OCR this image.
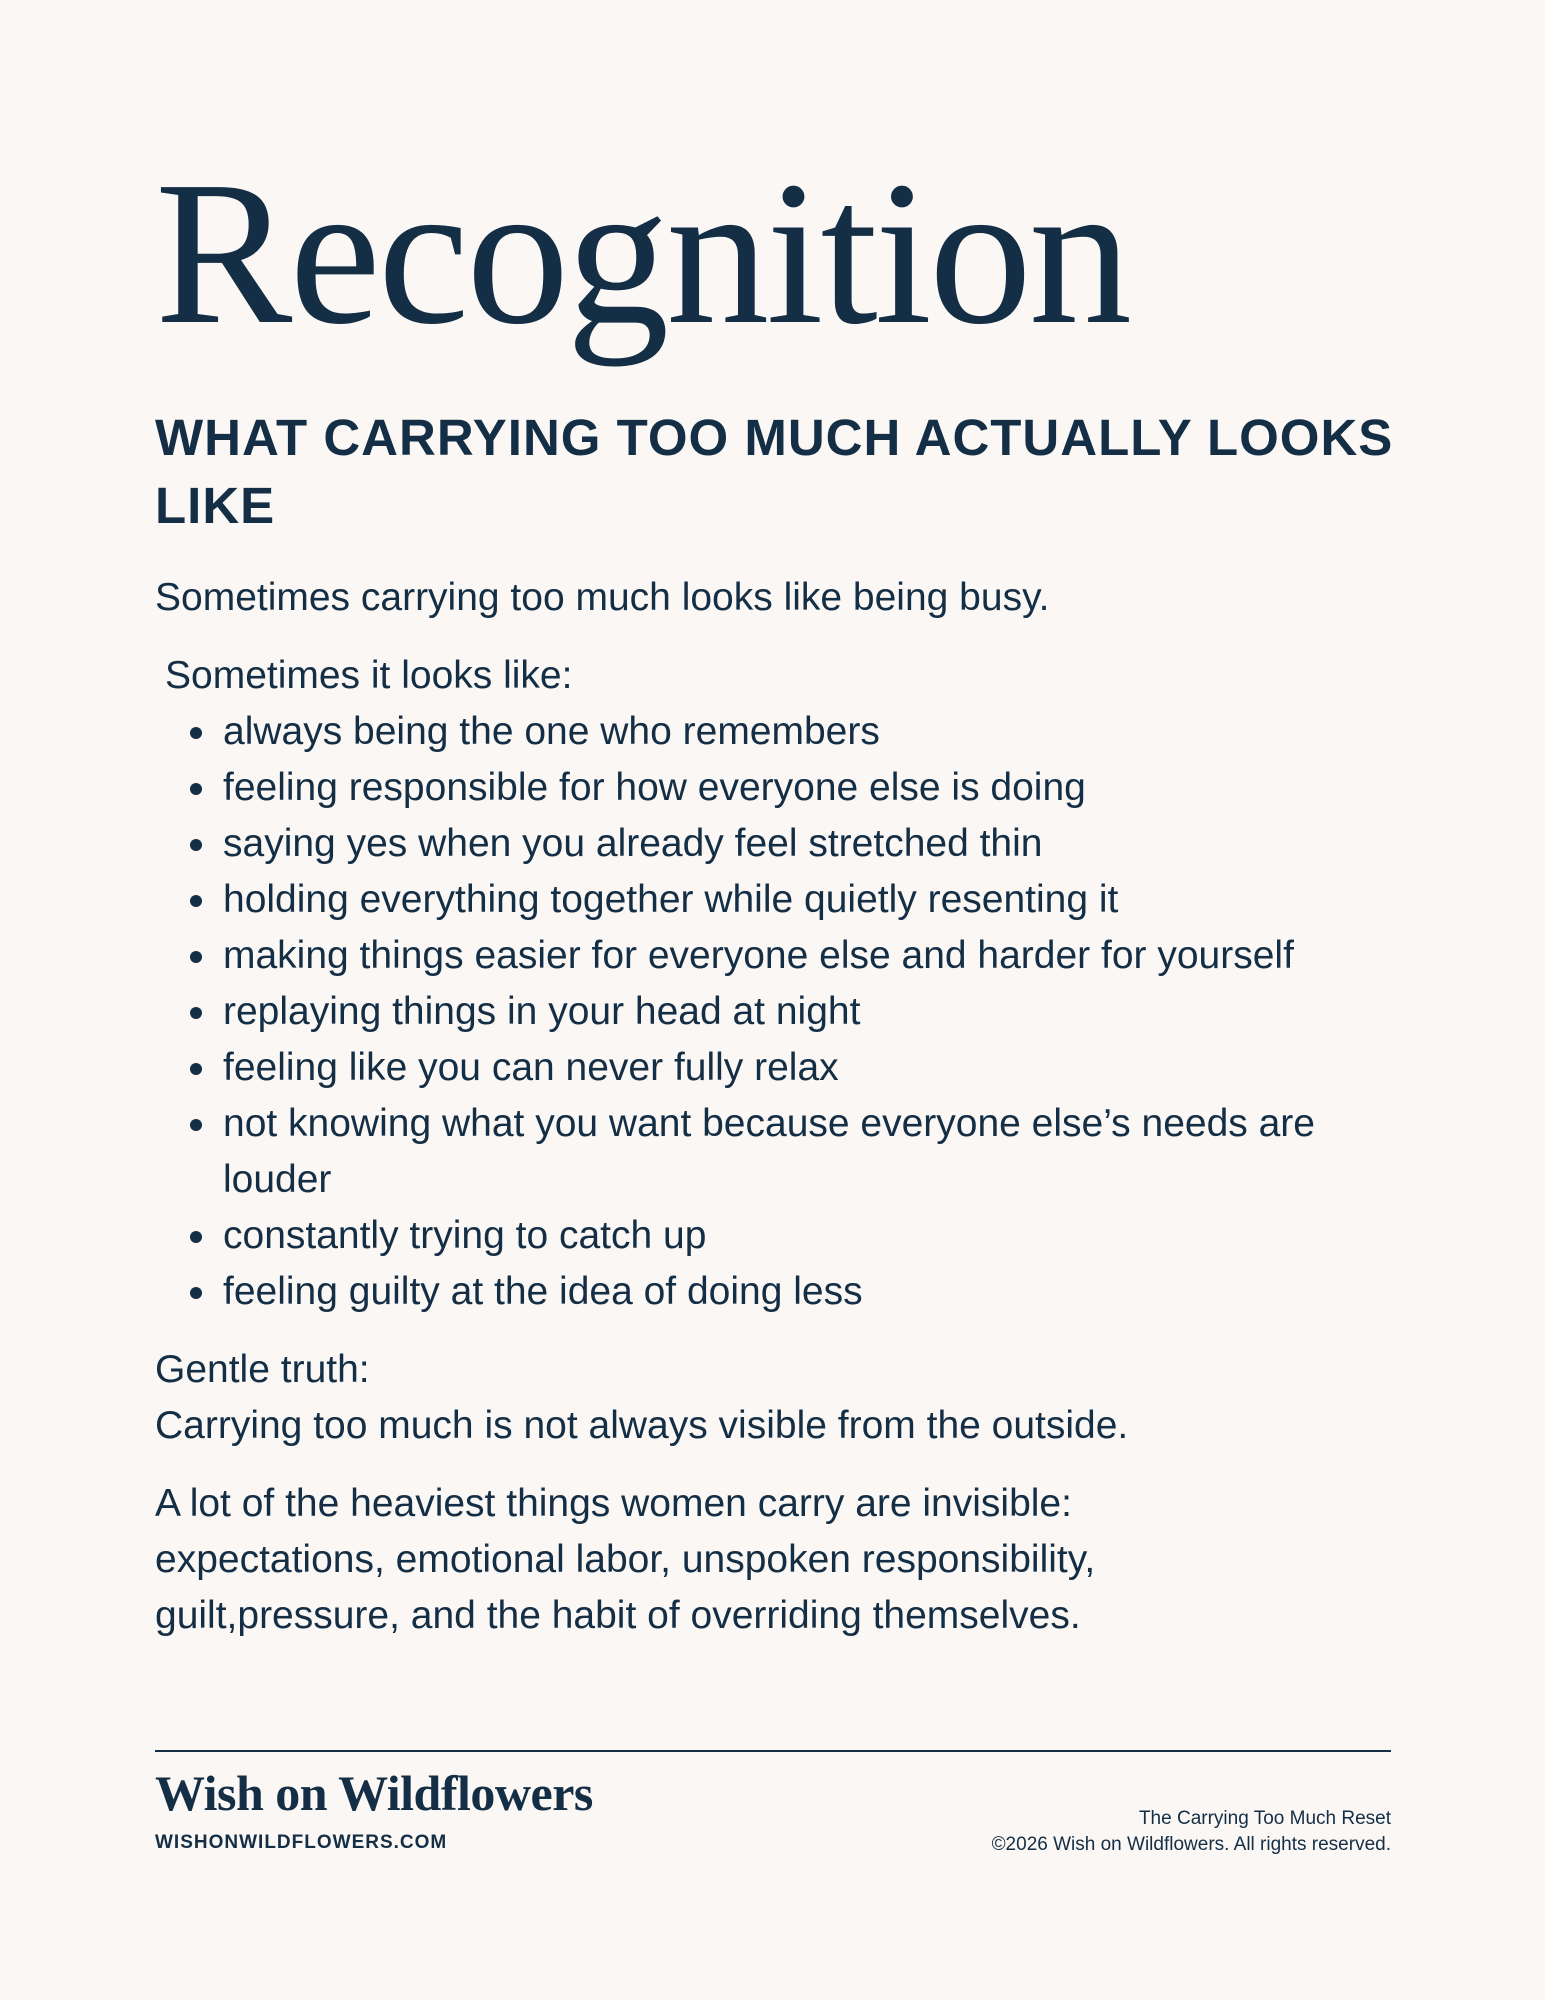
Recognition
WHAT CARRYING TOO MUCH ACTUALLY LOOKS LIKE
Sometimes carrying too much looks like being busy.
Sometimes it looks like:
always being the one who remembers
feeling responsible for how everyone else is doing
saying yes when you already feel stretched thin
holding everything together while quietly resenting it
making things easier for everyone else and harder for yourself
replaying things in your head at night
feeling like you can never fully relax
not knowing what you want because everyone else’s needs are louder
constantly trying to catch up
feeling guilty at the idea of doing less
Gentle truth:
Carrying too much is not always visible from the outside.
A lot of the heaviest things women carry are invisible: expectations, emotional labor, unspoken responsibility, guilt,pressure, and the habit of overriding themselves.
Wish on Wildflowers
WISHONWILDFLOWERS.COM
The Carrying Too Much Reset
©2026 Wish on Wildflowers. All rights reserved.
